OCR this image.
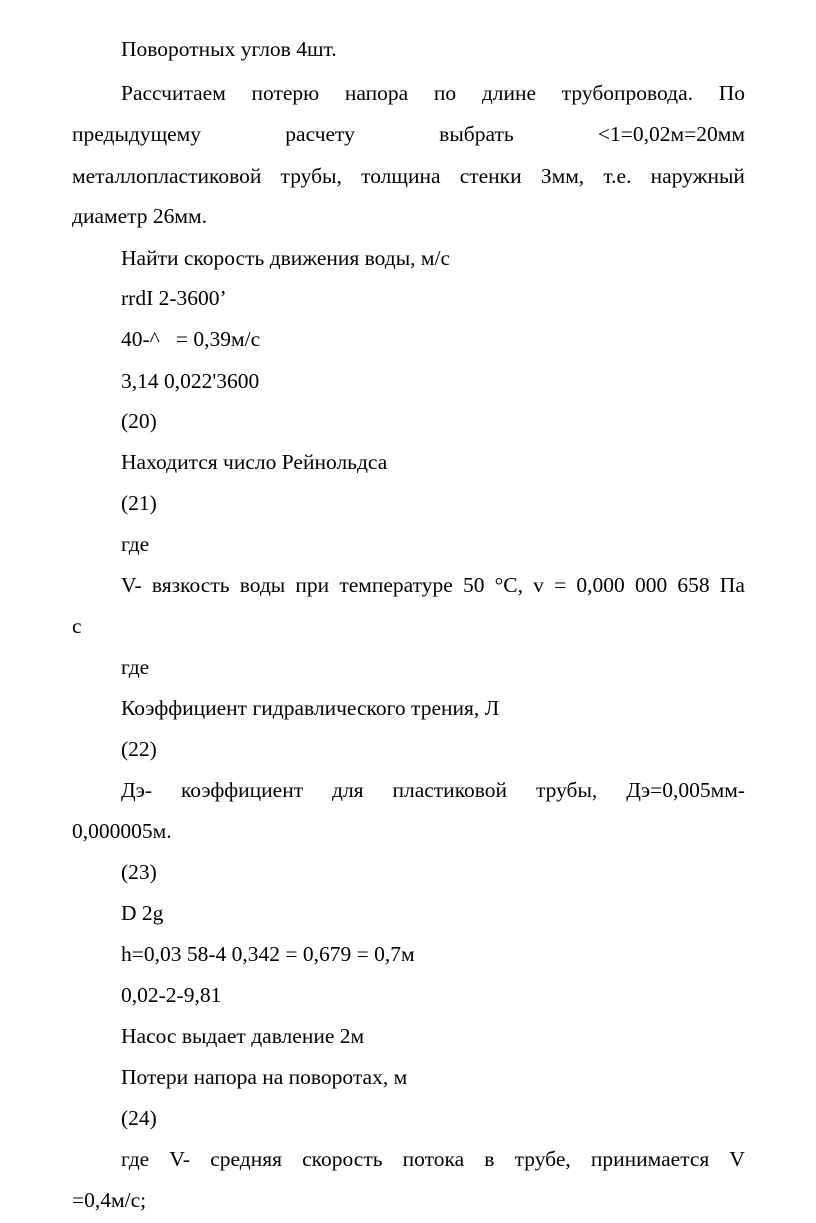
Поворотных углов 4шт.
Рассчитаем потерю напора по длине трубопровода. По
предыдущему	расчету	выбрать	<1=0,02м=20мм
металлопластиковой трубы, толщина стенки Змм, т.е. наружный
диаметр 26мм.
Найти скорость движения воды, м/с
rrdI 2-3600’
40-^   = 0,39м/с
3,14 0,022'3600
(20)
Находится число Рейнольдса
(21)
где
V- вязкость воды при температуре 50 °С, v = 0,000 000 658 Па
с
где
Коэффициент гидравлического трения, Л
(22)
Дэ- коэффициент для пластиковой трубы, Дэ=0,005мм-
0,000005м.
(23)
D 2g
h=0,03 58-4 0,342 = 0,679 = 0,7м
0,02-2-9,81
Насос выдает давление 2м
Потери напора на поворотах, м
(24)
где V- средняя скорость потока в трубе, принимается V
=0,4м/с;
